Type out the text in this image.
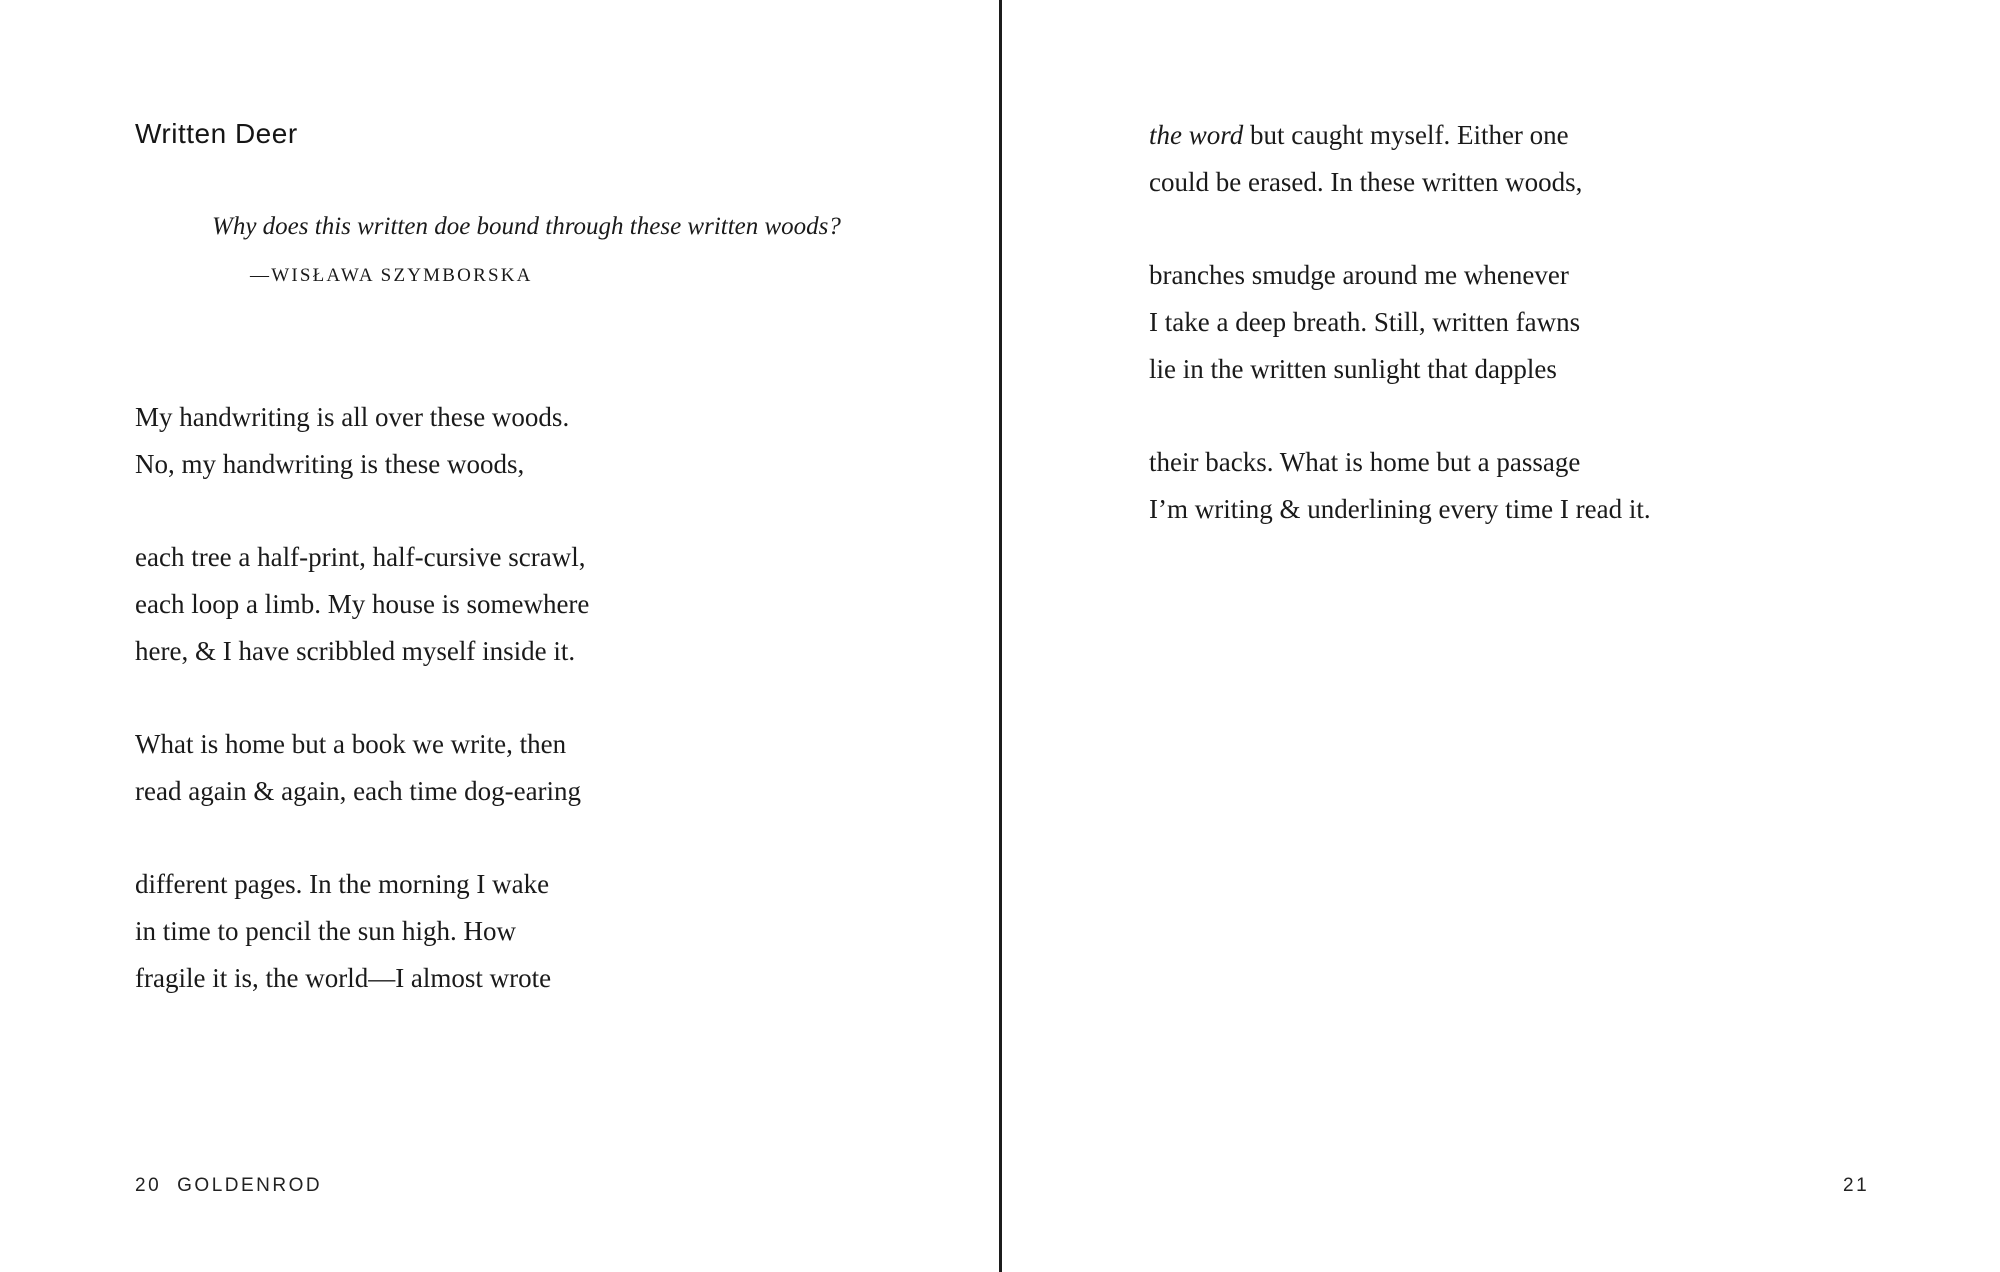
Written Deer
Why does this written doe bound through these written woods?
—WISŁAWA SZYMBORSKA
My handwriting is all over these woods.
No, my handwriting is these woods,
each tree a half-print, half-cursive scrawl,
each loop a limb. My house is somewhere
here, & I have scribbled myself inside it.
What is home but a book we write, then
read again & again, each time dog-earing
different pages. In the morning I wake
in time to pencil the sun high. How
fragile it is, the world—I almost wrote
20 GOLDENROD
the word but caught myself. Either one
could be erased. In these written woods,
branches smudge around me whenever
I take a deep breath. Still, written fawns
lie in the written sunlight that dapples
their backs. What is home but a passage
I’m writing & underlining every time I read it.
21
